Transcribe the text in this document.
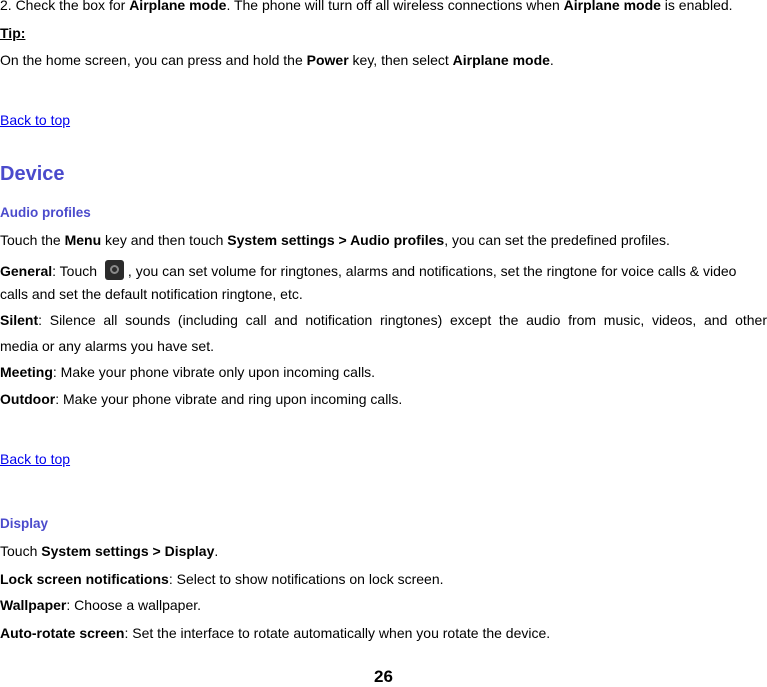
2. Check the box for Airplane mode. The phone will turn off all wireless connections when Airplane mode is enabled.
Tip:
On the home screen, you can press and hold the Power key, then select Airplane mode.
Back to top
Device
Audio profiles
Touch the Menu key and then touch System settings > Audio profiles, you can set the predefined profiles.
General: Touch , you can set volume for ringtones, alarms and notifications, set the ringtone for voice calls & video
calls and set the default notification ringtone, etc.
Silent: Silence all sounds (including call and notification ringtones) except the audio from music, videos, and other
media or any alarms you have set.
Meeting: Make your phone vibrate only upon incoming calls.
Outdoor: Make your phone vibrate and ring upon incoming calls.
Back to top
Display
Touch System settings > Display.
Lock screen notifications: Select to show notifications on lock screen.
Wallpaper: Choose a wallpaper.
Auto-rotate screen: Set the interface to rotate automatically when you rotate the device.
26
